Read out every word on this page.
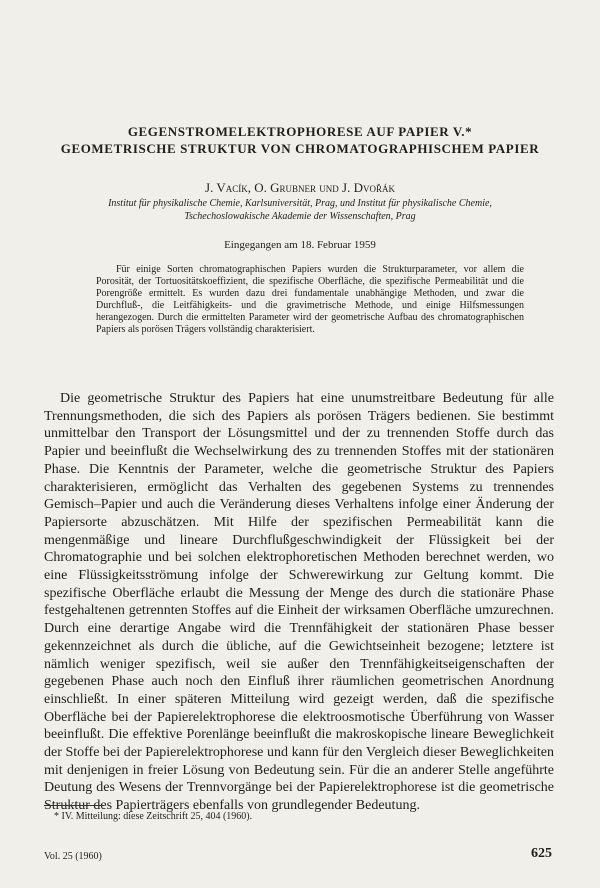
GEGENSTROMELEKTROPHORESE AUF PAPIER V.*
GEOMETRISCHE STRUKTUR VON CHROMATOGRAPHISCHEM PAPIER
J. Vacík, O. Grubner und J. Dvořák
Institut für physikalische Chemie, Karlsuniversität, Prag, und Institut für physikalische Chemie,
Tschechoslowakische Akademie der Wissenschaften, Prag
Eingegangen am 18. Februar 1959

Für einige Sorten chromatographischen Papiers wurden die Strukturparameter, vor allem die Porosität, der Tortuositätskoeffizient, die spezifische Oberfläche, die spezifische Permeabilität und die Porengröße ermittelt. Es wurden dazu drei fundamentale unabhängige Methoden, und zwar die Durchfluß-, die Leitfähigkeits- und die gravimetrische Methode, und einige Hilfsmessungen herangezogen. Durch die ermittelten Parameter wird der geometrische Aufbau des chromatographischen Papiers als porösen Trägers vollständig charakterisiert.

Die geometrische Struktur des Papiers hat eine unumstreitbare Bedeutung für alle Trennungsmethoden, die sich des Papiers als porösen Trägers bedienen. Sie bestimmt unmittelbar den Transport der Lösungsmittel und der zu trennenden Stoffe durch das Papier und beeinflußt die Wechselwirkung des zu trennenden Stoffes mit der stationären Phase. Die Kenntnis der Parameter, welche die geometrische Struktur des Papiers charakterisieren, ermöglicht das Verhalten des gegebenen Systems zu trennendes Gemisch–Papier und auch die Veränderung dieses Verhaltens infolge einer Änderung der Papiersorte abzuschätzen. Mit Hilfe der spezifischen Permeabilität kann die mengenmäßige und lineare Durchflußgeschwindigkeit der Flüssigkeit bei der Chromatographie und bei solchen elektrophoretischen Methoden berechnet werden, wo eine Flüssigkeitsströmung infolge der Schwerewirkung zur Geltung kommt. Die spezifische Oberfläche erlaubt die Messung der Menge des durch die stationäre Phase festgehaltenen getrennten Stoffes auf die Einheit der wirksamen Oberfläche umzurechnen. Durch eine derartige Angabe wird die Trennfähigkeit der stationären Phase besser gekennzeichnet als durch die übliche, auf die Gewichtseinheit bezogene; letztere ist nämlich weniger spezifisch, weil sie außer den Trennfähigkeitseigenschaften der gegebenen Phase auch noch den Einfluß ihrer räumlichen geometrischen Anordnung einschließt. In einer späteren Mitteilung wird gezeigt werden, daß die spezifische Oberfläche bei der Papierelektrophorese die elektroosmotische Überführung von Wasser beeinflußt. Die effektive Porenlänge beeinflußt die makroskopische lineare Beweglichkeit der Stoffe bei der Papierelektrophorese und kann für den Vergleich dieser Beweglichkeiten mit denjenigen in freier Lösung von Bedeutung sein. Für die an anderer Stelle angeführte Deutung des Wesens der Trennvorgänge bei der Papierelektrophorese ist die geometrische Struktur des Papierträgers ebenfalls von grundlegender Bedeutung.

* IV. Mitteilung: diese Zeitschrift 25, 404 (1960).
Vol. 25 (1960)	625
